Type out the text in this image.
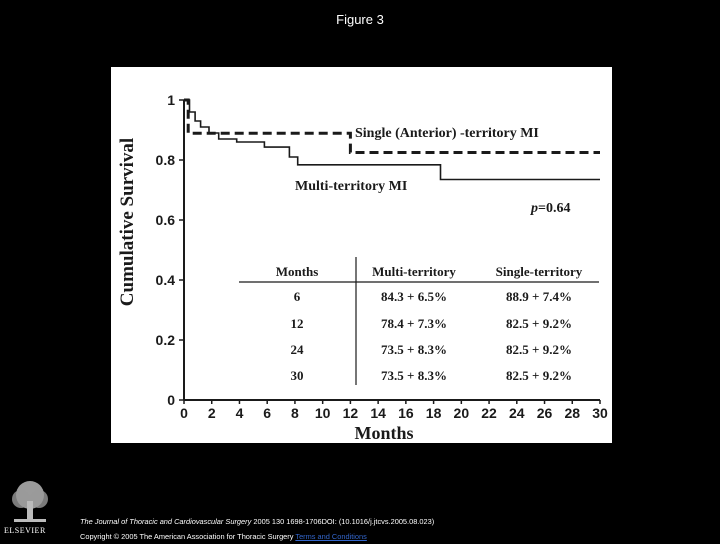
Figure 3
0
0.2
0.4
0.6
0.8
1
0 2 4 6 8 10 12 14 16 18 20 22 24 26 28 30
Cumulative Survival
Months
Single (Anterior) -territory MI
Multi-territory MI
p=0.64
Months	Multi-territory	Single-territory
6	84.3 + 6.5%	88.9 + 7.4%
12	78.4 + 7.3%	82.5 + 9.2%
24	73.5 + 8.3%	82.5 + 9.2%
30	73.5 + 8.3%	82.5 + 9.2%
ELSEVIER
The Journal of Thoracic and Cardiovascular Surgery 2005 130 1698-1706DOI: (10.1016/j.jtcvs.2005.08.023)
Copyright © 2005 The American Association for Thoracic Surgery Terms and Conditions
